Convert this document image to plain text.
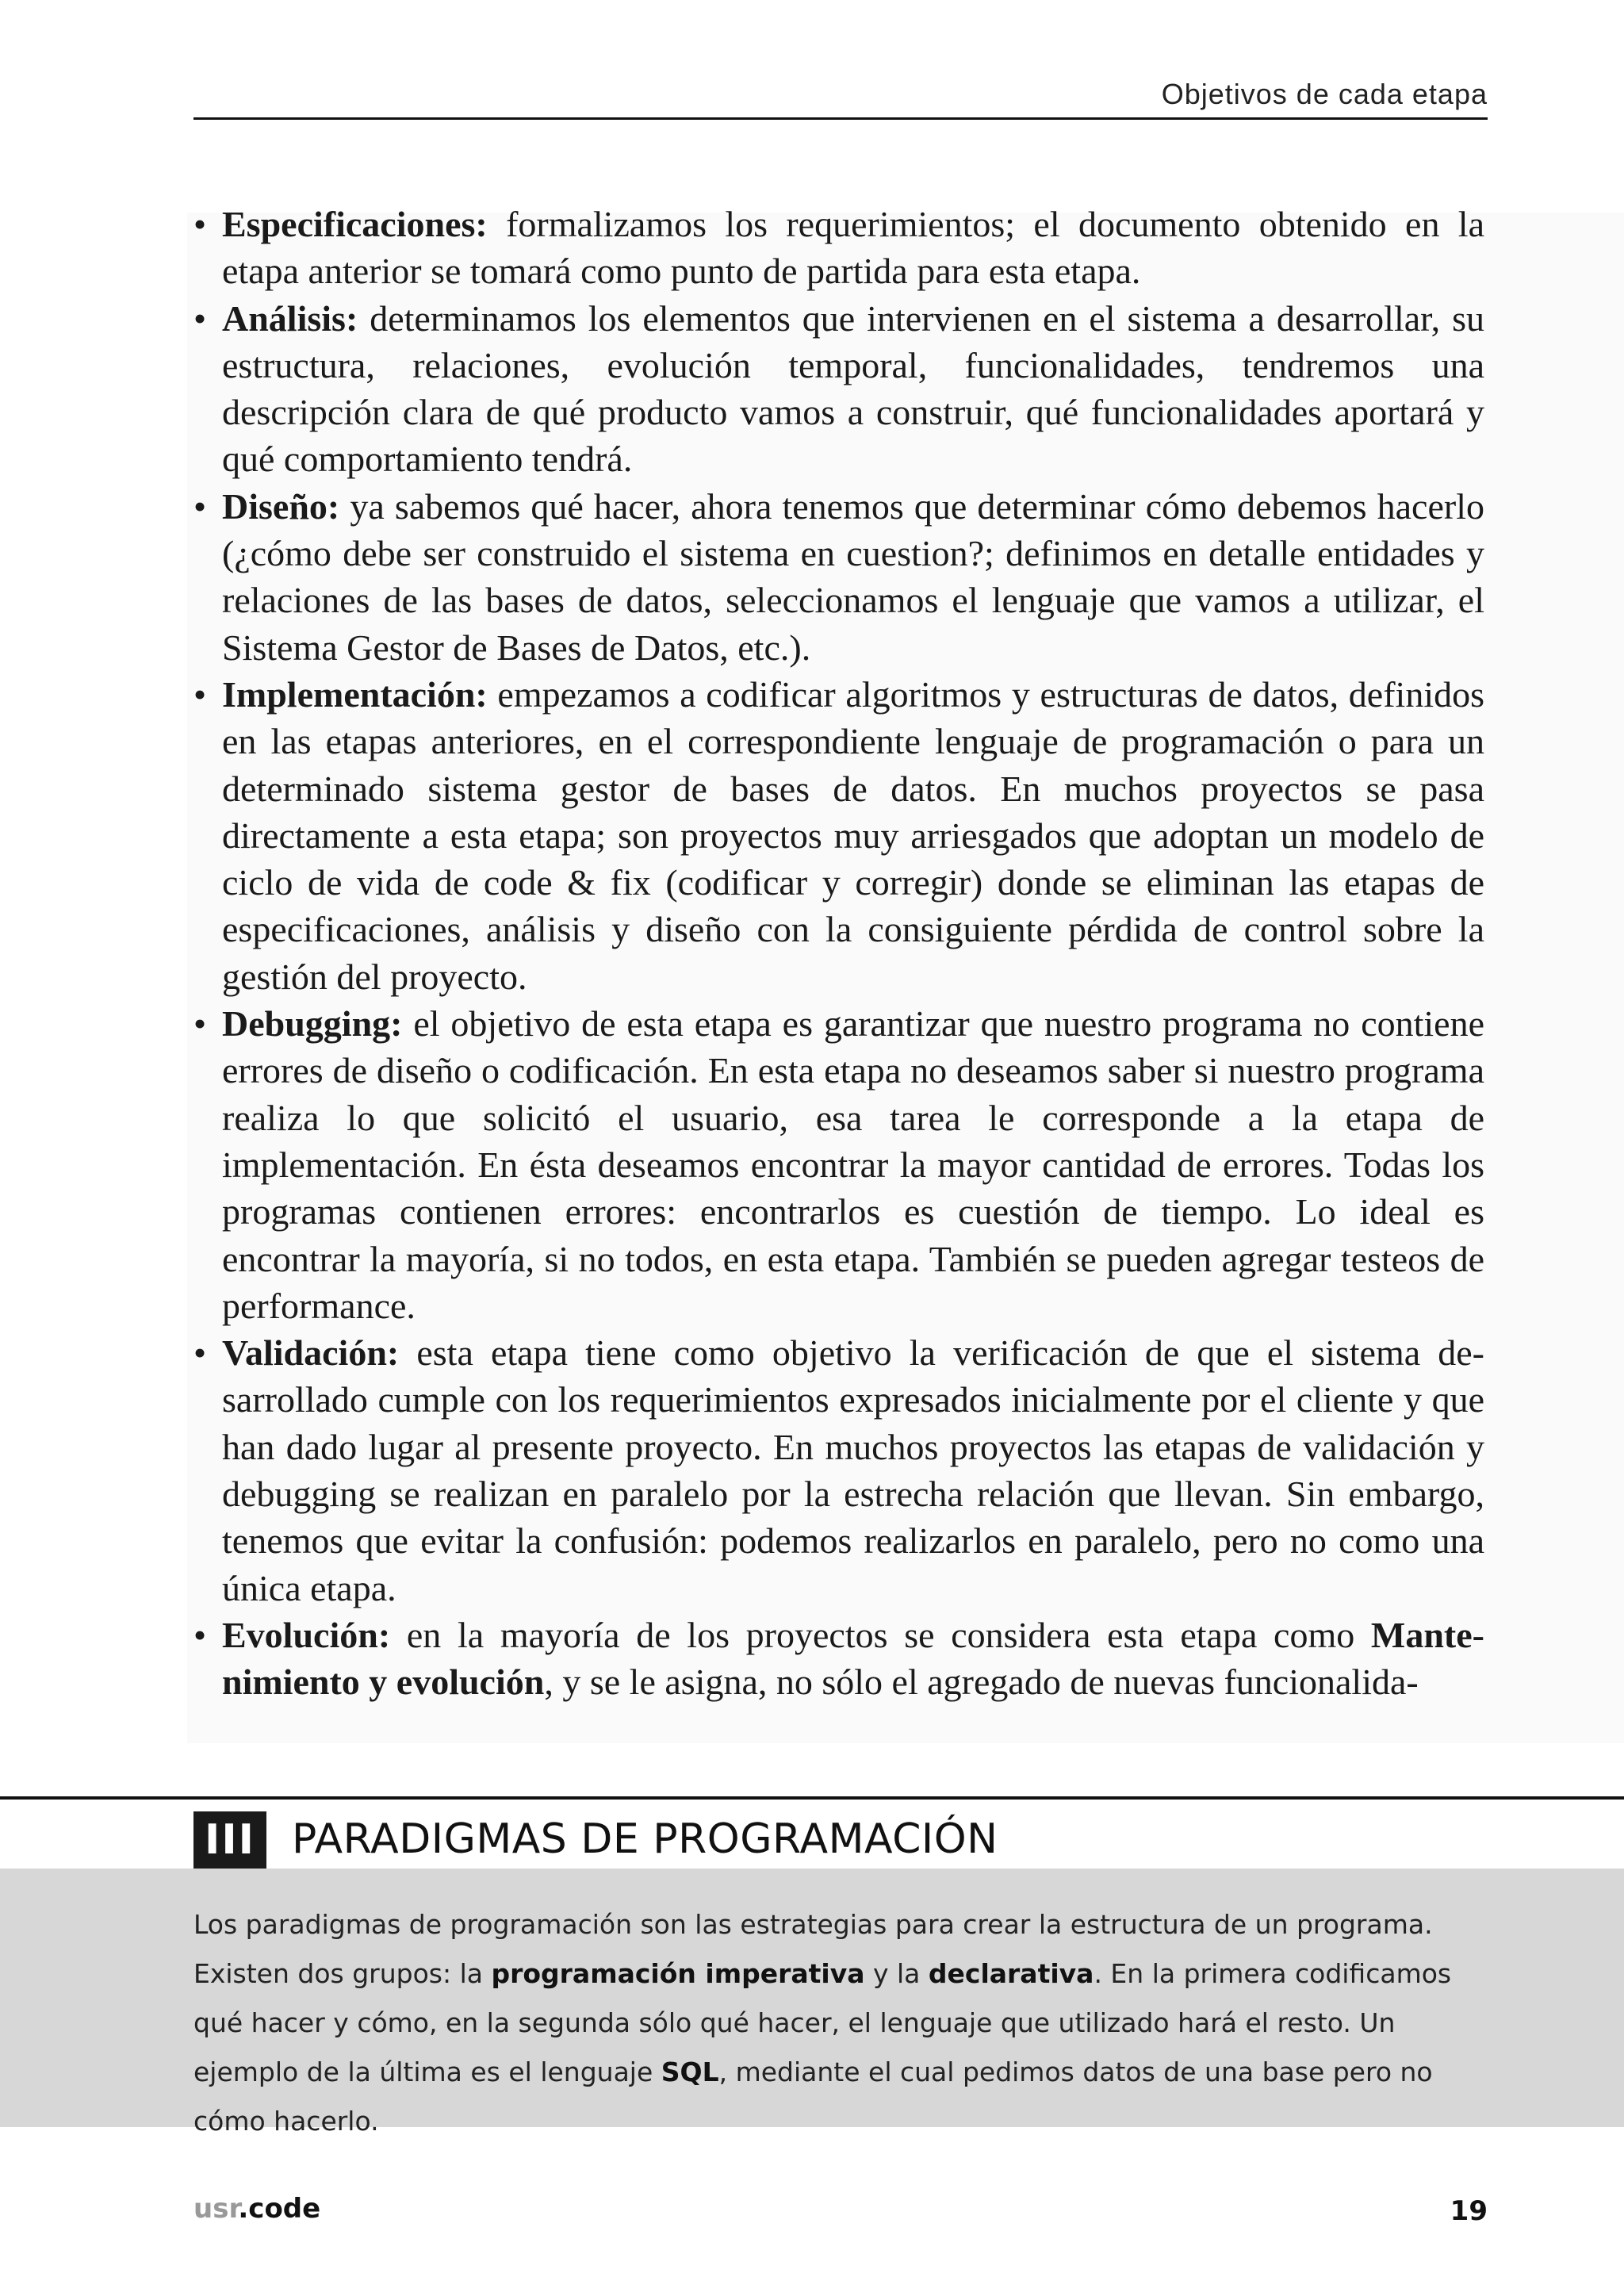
Objetivos de cada etapa
• Especificaciones: formalizamos los requerimientos; el documento obtenido en la etapa anterior se tomará como punto de partida para esta etapa.
• Análisis: determinamos los elementos que intervienen en el sistema a desarrollar, su estructura, relaciones, evolución temporal, funcionalidades, tendremos una descripción clara de qué producto vamos a construir, qué funcionalidades aportará y qué comportamiento tendrá.
• Diseño: ya sabemos qué hacer, ahora tenemos que determinar cómo debemos hacerlo (¿cómo debe ser construido el sistema en cuestion?; definimos en detalle entidades y relaciones de las bases de datos, seleccionamos el lenguaje que vamos a utilizar, el Sistema Gestor de Bases de Datos, etc.).
• Implementación: empezamos a codificar algoritmos y estructuras de datos, definidos en las etapas anteriores, en el correspondiente lenguaje de programación o para un determinado sistema gestor de bases de datos. En muchos proyectos se pasa directamente a esta etapa; son proyectos muy arriesgados que adoptan un modelo de ciclo de vida de code & fix (codificar y corregir) donde se eliminan las etapas de especificaciones, análisis y diseño con la consiguiente pérdida de control sobre la gestión del proyecto.
• Debugging: el objetivo de esta etapa es garantizar que nuestro programa no contiene errores de diseño o codificación. En esta etapa no deseamos saber si nuestro programa realiza lo que solicitó el usuario, esa tarea le corresponde a la etapa de implementación. En ésta deseamos encontrar la mayor cantidad de errores. Todas los programas contienen errores: encontrarlos es cuestión de tiempo. Lo ideal es encontrar la mayoría, si no todos, en esta etapa. También se pueden agregar testeos de performance.
• Validación: esta etapa tiene como objetivo la verificación de que el sistema desarrollado cumple con los requerimientos expresados inicialmente por el cliente y que han dado lugar al presente proyecto. En muchos proyectos las etapas de validación y debugging se realizan en paralelo por la estrecha relación que llevan. Sin embargo, tenemos que evitar la confusión: podemos realizarlos en paralelo, pero no como una única etapa.
• Evolución: en la mayoría de los proyectos se considera esta etapa como Mantenimiento y evolución, y se le asigna, no sólo el agregado de nuevas funcionalida-
III PARADIGMAS DE PROGRAMACIÓN

Los paradigmas de programación son las estrategias para crear la estructura de un programa. Existen dos grupos: la programación imperativa y la declarativa. En la primera codificamos qué hacer y cómo, en la segunda sólo qué hacer, el lenguaje que utilizado hará el resto. Un ejemplo de la última es el lenguaje SQL, mediante el cual pedimos datos de una base pero no cómo hacerlo.

usr.code	19
